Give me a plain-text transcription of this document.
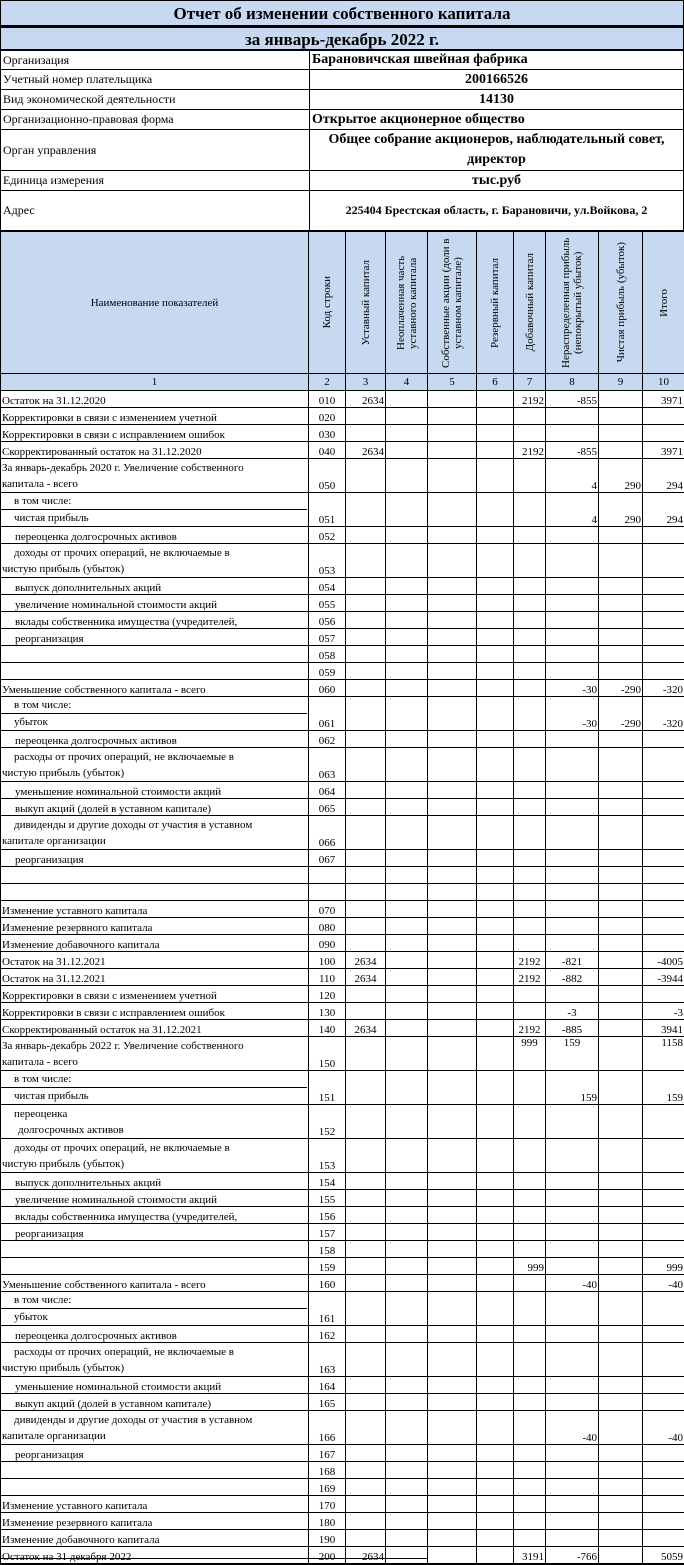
Отчет об изменении собственного капитала
за январь-декабрь 2022 г.
Организация	Барановичская швейная фабрика
Учетный номер плательщика	200166526
Вид экономической деятельности	14130
Организационно-правовая форма	Открытое акционерное общество
Орган управления	Общее собрание акционеров, наблюдательный совет, директор
Единица измерения	тыс.руб
Адрес	225404 Брестская область, г. Барановичи, ул.Войкова, 2
Наименование показателей	Код строки	Уставный капитал	Неоплаченная часть уставного капитала	Собственные акции (доли в уставном капитале)	Резервный капитал	Добавочный капитал	Нераспределенная прибыль (непокрытый убыток)	Чистая прибыль (убыток)	Итого

1	2	3	4	5	6	7	8	9	10
Остаток на 31.12.2020	010	2634				2192	-855		3971
Корректировки в связи с изменением учетной	020								
Корректировки в связи с исправлением ошибок	030								
Скорректированный остаток на 31.12.2020	040	2634				2192	-855		3971

За январь-декабрь 2020 г. Увеличение собственного
капитала - всего	050						4	290	294

в том числе:
чистая прибыль	051						4	290	294
переоценка долгосрочных активов	052								

доходы от прочих операций, не включаемые в
чистую прибыль (убыток)	053								
выпуск дополнительных акций	054								
увеличение номинальной стоимости акций	055								
вклады собственника имущества (учредителей,	056								
реорганизация	057								
	058								
	059								
Уменьшение собственного капитала - всего	060						-30	-290	-320

в том числе:
убыток	061						-30	-290	-320
переоценка долгосрочных активов	062								

расходы от прочих операций, не включаемые в
чистую прибыль (убыток)	063								
уменьшение номинальной стоимости акций	064								
выкуп акций (долей в уставном капитале)	065								

дивиденды и другие доходы от участия в уставном
капитале организации	066								
реорганизация	067								

Изменение уставного капитала	070								
Изменение резервного капитала	080								
Изменение добавочного капитала	090								
Остаток на 31.12.2021	100	2634				2192	-821		-4005
Остаток на 31.12.2021	110	2634				2192	-882		-3944
Корректировки в связи с изменением учетной	120								
Корректировки в связи с исправлением ошибок	130						-3		-3
Скорректированный остаток на 31.12.2021	140	2634				2192	-885		3941

За январь-декабрь 2022 г. Увеличение собственного
капитала - всего	150					999	159		1158

в том числе:
чистая прибыль	151						159		159

переоценка
долгосрочных активов	152								

доходы от прочих операций, не включаемые в
чистую прибыль (убыток)	153								
выпуск дополнительных акций	154								
увеличение номинальной стоимости акций	155								
вклады собственника имущества (учредителей,	156								
реорганизация	157								
	158								
	159					999			999
Уменьшение собственного капитала - всего	160						-40		-40

в том числе:
убыток	161								
переоценка долгосрочных активов	162								

расходы от прочих операций, не включаемые в
чистую прибыль (убыток)	163								
уменьшение номинальной стоимости акций	164								
выкуп акций (долей в уставном капитале)	165								

дивиденды и другие доходы от участия в уставном
капитале организации	166						-40		-40
реорганизация	167								
	168								
	169								
Изменение уставного капитала	170								
Изменение резервного капитала	180								
Изменение добавочного капитала	190								
Остаток на 31 декабря 2022	200	2634				3191	-766		5059
